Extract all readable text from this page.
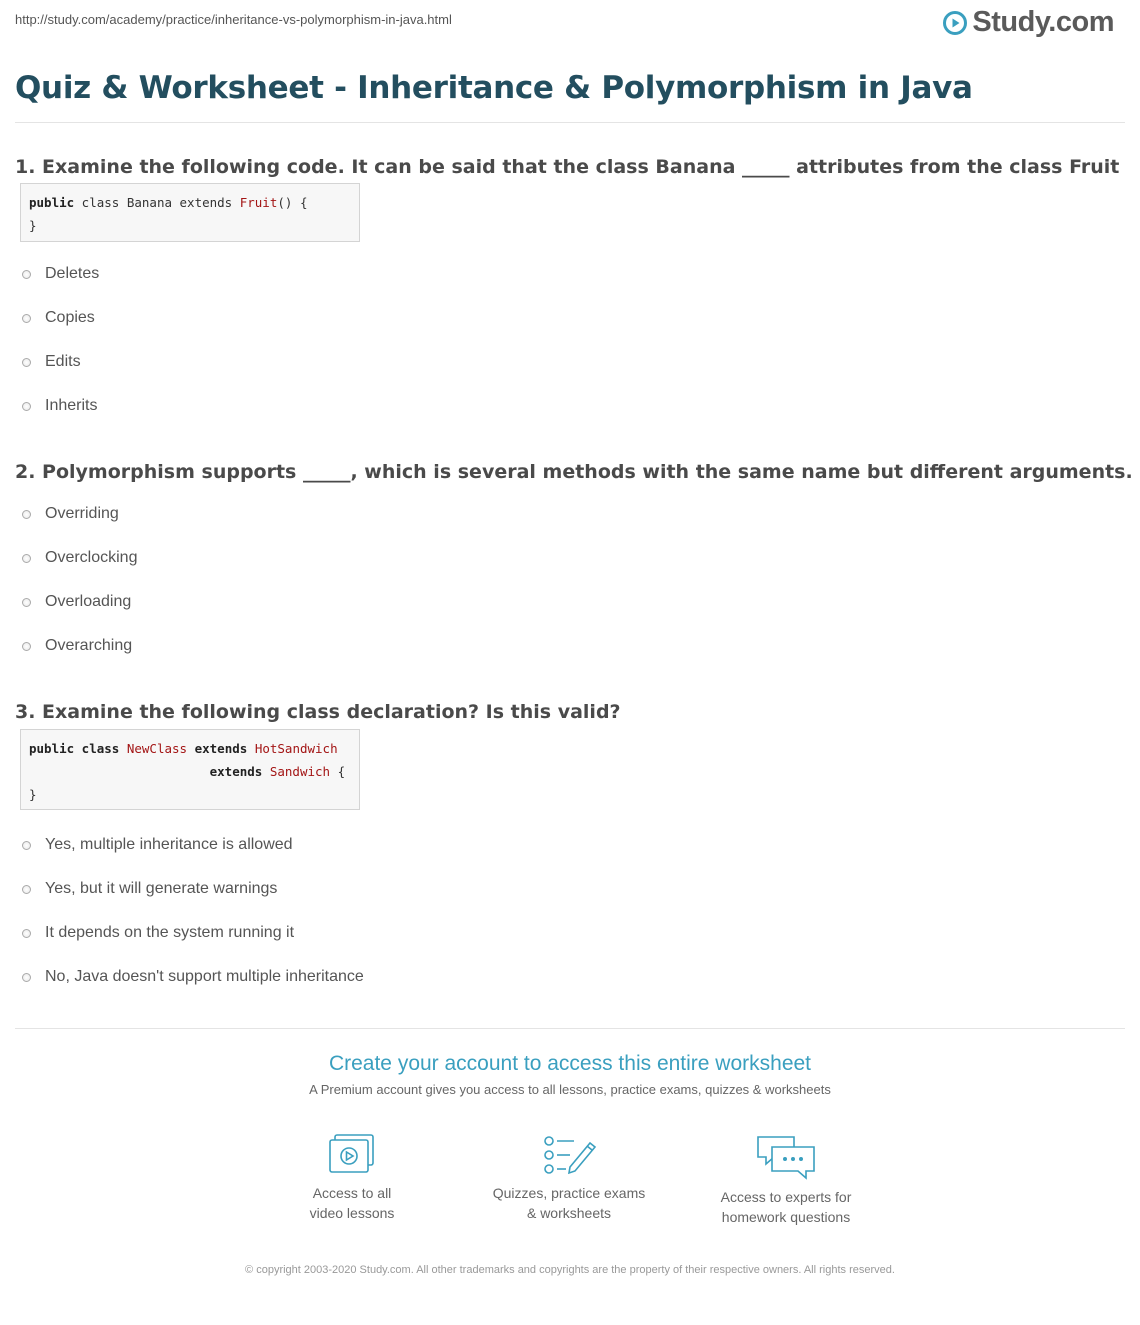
http://study.com/academy/practice/inheritance-vs-polymorphism-in-java.html	Study.com
Quiz & Worksheet - Inheritance & Polymorphism in Java
1. Examine the following code. It can be said that the class Banana _____ attributes from the class Fruit
public class Banana extends Fruit() {
}
Deletes
Copies
Edits
Inherits
2. Polymorphism supports _____, which is several methods with the same name but different arguments.
Overriding
Overclocking
Overloading
Overarching
3. Examine the following class declaration? Is this valid?
public class NewClass extends HotSandwich
extends Sandwich {
}
Yes, multiple inheritance is allowed
Yes, but it will generate warnings
It depends on the system running it
No, Java doesn't support multiple inheritance
Create your account to access this entire worksheet
A Premium account gives you access to all lessons, practice exams, quizzes & worksheets
Access to all
video lessons
Quizzes, practice exams
& worksheets
Access to experts for
homework questions
© copyright 2003-2020 Study.com. All other trademarks and copyrights are the property of their respective owners. All rights reserved.
